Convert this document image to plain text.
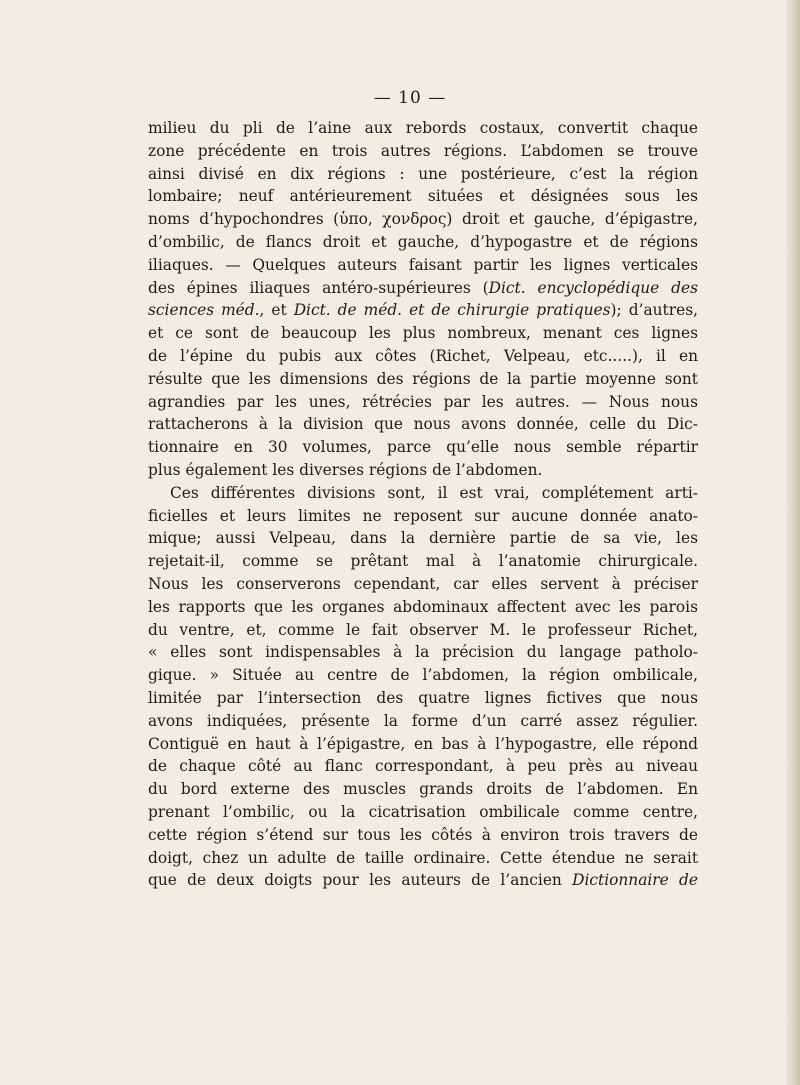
— 10 —
milieu du pli de l’aine aux rebords costaux, convertit chaque
zone précédente en trois autres régions. L’abdomen se trouve
ainsi divisé en dix régions : une postérieure, c’est la région
lombaire; neuf antérieurement situées et désignées sous les
noms d’hypochondres (ὑπο, χονδρος) droit et gauche, d’épigastre,
d’ombilic, de flancs droit et gauche, d’hypogastre et de régions
iliaques. — Quelques auteurs faisant partir les lignes verticales
des épines iliaques antéro-supérieures (Dict. encyclopédique des
sciences méd., et Dict. de méd. et de chirurgie pratiques); d’autres,
et ce sont de beaucoup les plus nombreux, menant ces lignes
de l’épine du pubis aux côtes (Richet, Velpeau, etc.....), il en
résulte que les dimensions des régions de la partie moyenne sont
agrandies par les unes, rétrécies par les autres. — Nous nous
rattacherons à la division que nous avons donnée, celle du Dic-
tionnaire en 30 volumes, parce qu’elle nous semble répartir
plus également les diverses régions de l’abdomen.
Ces différentes divisions sont, il est vrai, complétement arti-
ficielles et leurs limites ne reposent sur aucune donnée anato-
mique; aussi Velpeau, dans la dernière partie de sa vie, les
rejetait-il, comme se prêtant mal à l’anatomie chirurgicale.
Nous les conserverons cependant, car elles servent à préciser
les rapports que les organes abdominaux affectent avec les parois
du ventre, et, comme le fait observer M. le professeur Richet,
« elles sont indispensables à la précision du langage patholo-
gique. » Située au centre de l’abdomen, la région ombilicale,
limitée par l’intersection des quatre lignes fictives que nous
avons indiquées, présente la forme d’un carré assez régulier.
Contiguë en haut à l’épigastre, en bas à l’hypogastre, elle répond
de chaque côté au flanc correspondant, à peu près au niveau
du bord externe des muscles grands droits de l’abdomen. En
prenant l’ombilic, ou la cicatrisation ombilicale comme centre,
cette région s’étend sur tous les côtés à environ trois travers de
doigt, chez un adulte de taille ordinaire. Cette étendue ne serait
que de deux doigts pour les auteurs de l’ancien Dictionnaire de
